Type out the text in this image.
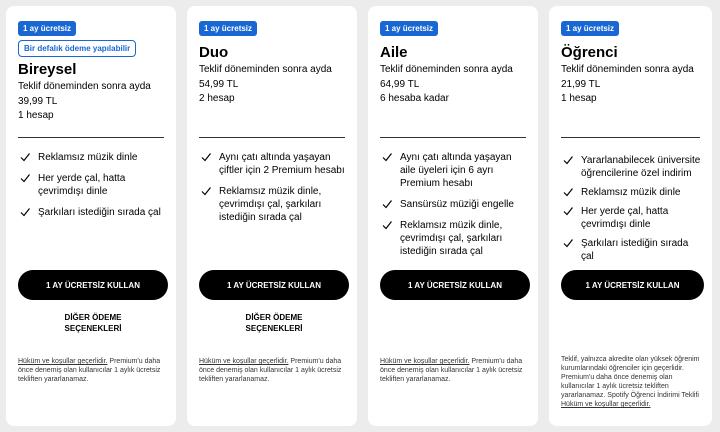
1 ay ücretsiz
Bir defalık ödeme yapılabilir
Bireysel
Teklif döneminden sonra ayda
39,99 TL
1 hesap
Reklamsız müzik dinle
Her yerde çal, hatta çevrimdışı dinle
Şarkıları istediğin sırada çal
1 AY ÜCRETSİZ KULLAN
DİĞER ÖDEME
SEÇENEKLERİ
Hüküm ve koşullar geçerlidir. Premium'u daha önce denemiş olan kullanıcılar 1 aylık ücretsiz tekliften yararlanamaz.
1 ay ücretsiz
Duo
Teklif döneminden sonra ayda
54,99 TL
2 hesap
Aynı çatı altında yaşayan çiftler için 2 Premium hesabı
Reklamsız müzik dinle, çevrimdışı çal, şarkıları istediğin sırada çal
1 AY ÜCRETSİZ KULLAN
DİĞER ÖDEME
SEÇENEKLERİ
Hüküm ve koşullar geçerlidir. Premium'u daha önce denemiş olan kullanıcılar 1 aylık ücretsiz tekliften yararlanamaz.
1 ay ücretsiz
Aile
Teklif döneminden sonra ayda
64,99 TL
6 hesaba kadar
Aynı çatı altında yaşayan aile üyeleri için 6 ayrı Premium hesabı
Sansürsüz müziği engelle
Reklamsız müzik dinle, çevrimdışı çal, şarkıları istediğin sırada çal
1 AY ÜCRETSİZ KULLAN
Hüküm ve koşullar geçerlidir. Premium'u daha önce denemiş olan kullanıcılar 1 aylık ücretsiz tekliften yararlanamaz.
1 ay ücretsiz
Öğrenci
Teklif döneminden sonra ayda
21,99 TL
1 hesap
Yararlanabilecek üniversite öğrencilerine özel indirim
Reklamsız müzik dinle
Her yerde çal, hatta çevrimdışı dinle
Şarkıları istediğin sırada çal
1 AY ÜCRETSİZ KULLAN
Teklif, yalnızca akredite olan yüksek öğrenim kurumlarındaki öğrenciler için geçerlidir. Premium'u daha önce denemiş olan kullanıcılar 1 aylık ücretsiz tekliften yararlanamaz. Spotify Öğrenci İndirimi Teklifi Hüküm ve koşullar geçerlidir.
